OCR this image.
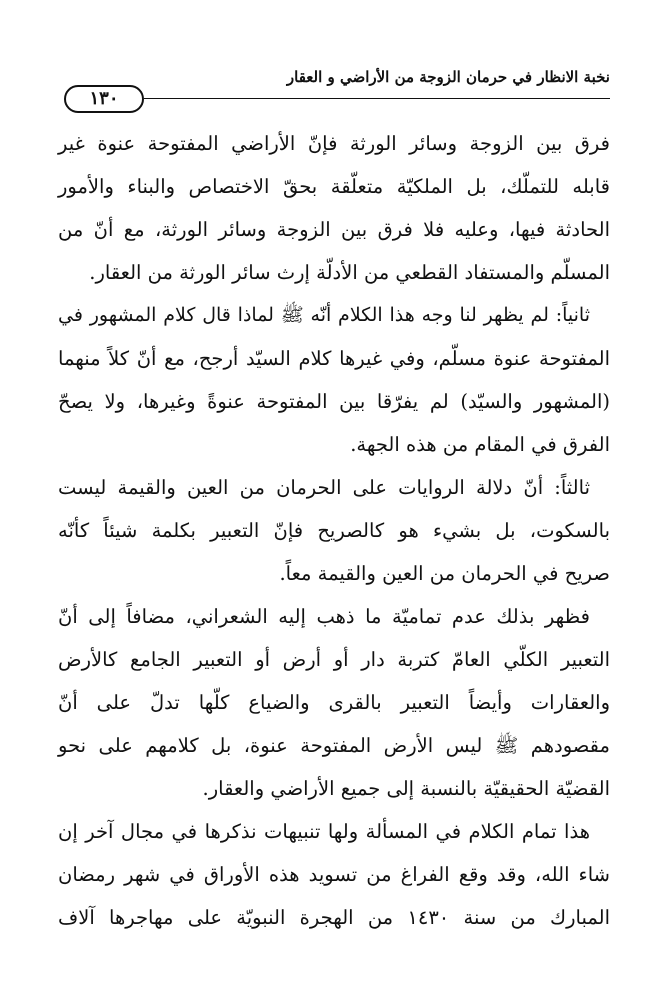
نخبة الانظار في حرمان الزوجة من الأراضي و العقار
١٣٠
فرق بين الزوجة وسائر الورثة فإنّ الأراضي المفتوحة عنوة غير
قابله للتملّك، بل الملكيّة متعلّقة بحقّ الاختصاص والبناء والأمور
الحادثة فيها، وعليه فلا فرق بين الزوجة وسائر الورثة، مع أنّ من
المسلّم والمستفاد القطعي من الأدلّة إرث سائر الورثة من العقار.
ثانياً: لم يظهر لنا وجه هذا الكلام أنّه ﷺ لماذا قال كلام المشهور في
المفتوحة عنوة مسلّم، وفي غيرها كلام السيّد أرجح، مع أنّ كلاً منهما
(المشهور والسيّد) لم يفرّقا بين المفتوحة عنوةً وغيرها، ولا يصحّ
الفرق في المقام من هذه الجهة.
ثالثاً: أنّ دلالة الروايات على الحرمان من العين والقيمة ليست
بالسكوت، بل بشيء هو كالصريح فإنّ التعبير بكلمة شيئاً كأنّه
صريح في الحرمان من العين والقيمة معاً.
فظهر بذلك عدم تماميّة ما ذهب إليه الشعراني، مضافاً إلى أنّ
التعبير الكلّي العامّ كتربة دار أو أرض أو التعبير الجامع كالأرض
والعقارات وأيضاً التعبير بالقرى والضياع كلّها تدلّ على أنّ
مقصودهم ﷺ ليس الأرض المفتوحة عنوة، بل كلامهم على نحو
القضيّة الحقيقيّة بالنسبة إلى جميع الأراضي والعقار.
هذا تمام الكلام في المسألة ولها تنبيهات نذكرها في مجال آخر إن
شاء الله، وقد وقع الفراغ من تسويد هذه الأوراق في شهر رمضان
المبارك من سنة ١٤٣٠ من الهجرة النبويّة على مهاجرها آلاف
